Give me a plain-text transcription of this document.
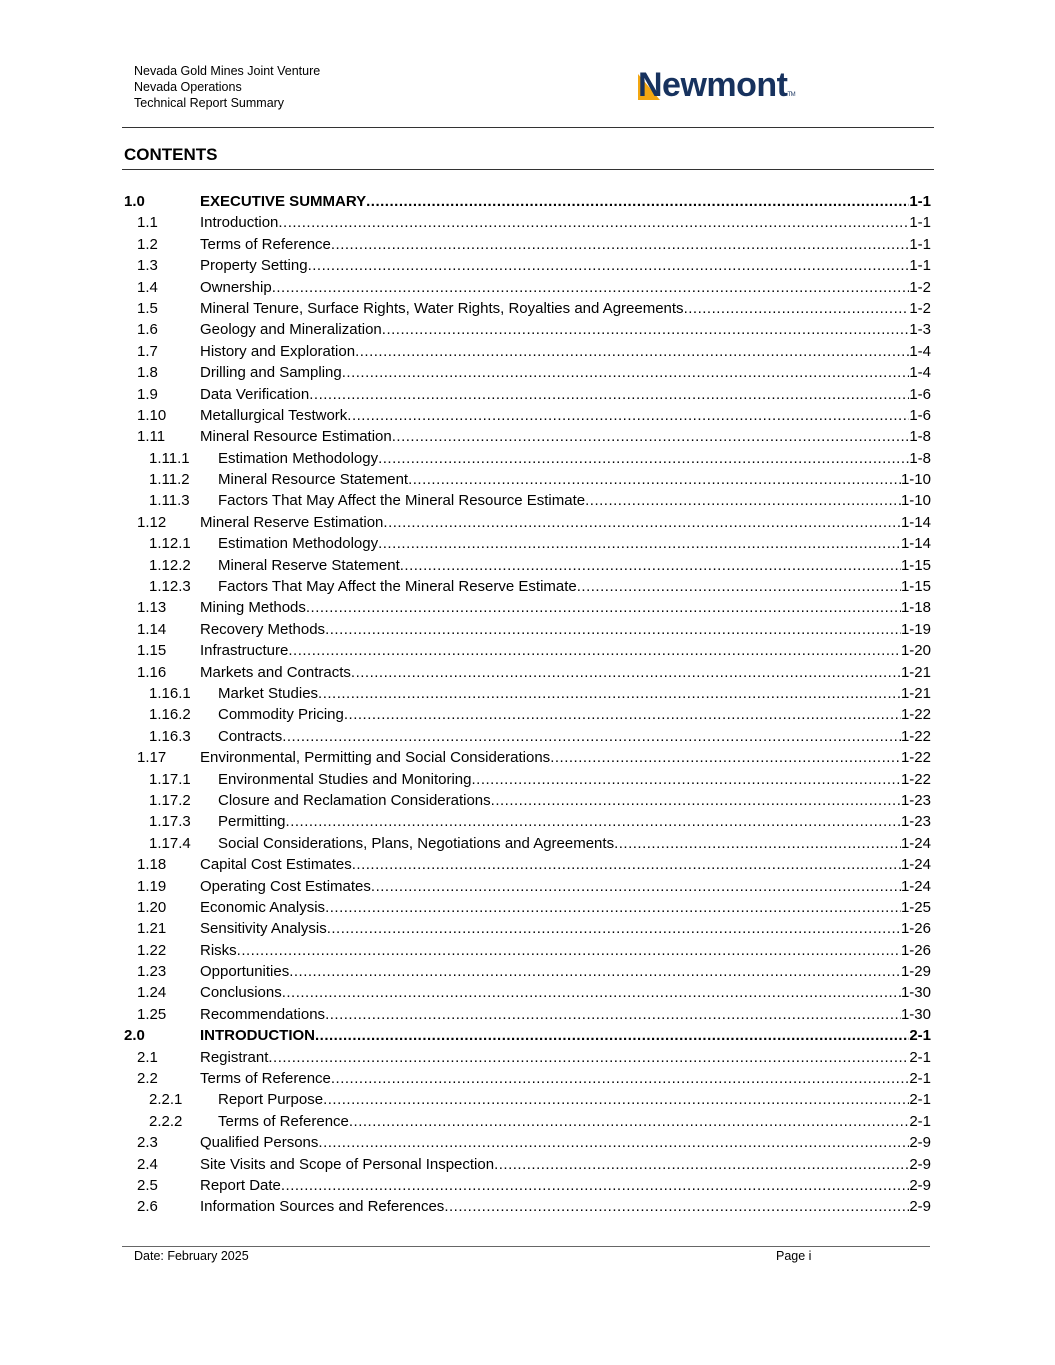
Nevada Gold Mines Joint Venture
Nevada Operations
Technical Report Summary	NewmontTM
CONTENTS
1.0	EXECUTIVE SUMMARY .....	1-1
1.1	Introduction .....	1-1
1.2	Terms of Reference .....	1-1
1.3	Property Setting .....	1-1
1.4	Ownership .....	1-2
1.5	Mineral Tenure, Surface Rights, Water Rights, Royalties and Agreements .....	1-2
1.6	Geology and Mineralization .....	1-3
1.7	History and Exploration .....	1-4
1.8	Drilling and Sampling .....	1-4
1.9	Data Verification .....	1-6
1.10	Metallurgical Testwork .....	1-6
1.11	Mineral Resource Estimation .....	1-8
1.11.1	Estimation Methodology .....	1-8
1.11.2	Mineral Resource Statement .....	1-10
1.11.3	Factors That May Affect the Mineral Resource Estimate .....	1-10
1.12	Mineral Reserve Estimation .....	1-14
1.12.1	Estimation Methodology .....	1-14
1.12.2	Mineral Reserve Statement .....	1-15
1.12.3	Factors That May Affect the Mineral Reserve Estimate .....	1-15
1.13	Mining Methods .....	1-18
1.14	Recovery Methods .....	1-19
1.15	Infrastructure .....	1-20
1.16	Markets and Contracts .....	1-21
1.16.1	Market Studies .....	1-21
1.16.2	Commodity Pricing .....	1-22
1.16.3	Contracts .....	1-22
1.17	Environmental, Permitting and Social Considerations .....	1-22
1.17.1	Environmental Studies and Monitoring .....	1-22
1.17.2	Closure and Reclamation Considerations .....	1-23
1.17.3	Permitting .....	1-23
1.17.4	Social Considerations, Plans, Negotiations and Agreements .....	1-24
1.18	Capital Cost Estimates .....	1-24
1.19	Operating Cost Estimates .....	1-24
1.20	Economic Analysis .....	1-25
1.21	Sensitivity Analysis .....	1-26
1.22	Risks .....	1-26
1.23	Opportunities .....	1-29
1.24	Conclusions .....	1-30
1.25	Recommendations .....	1-30
2.0	INTRODUCTION .....	2-1
2.1	Registrant .....	2-1
2.2	Terms of Reference .....	2-1
2.2.1	Report Purpose .....	2-1
2.2.2	Terms of Reference .....	2-1
2.3	Qualified Persons .....	2-9
2.4	Site Visits and Scope of Personal Inspection .....	2-9
2.5	Report Date .....	2-9
2.6	Information Sources and References .....	2-9
Date: February 2025	Page i
